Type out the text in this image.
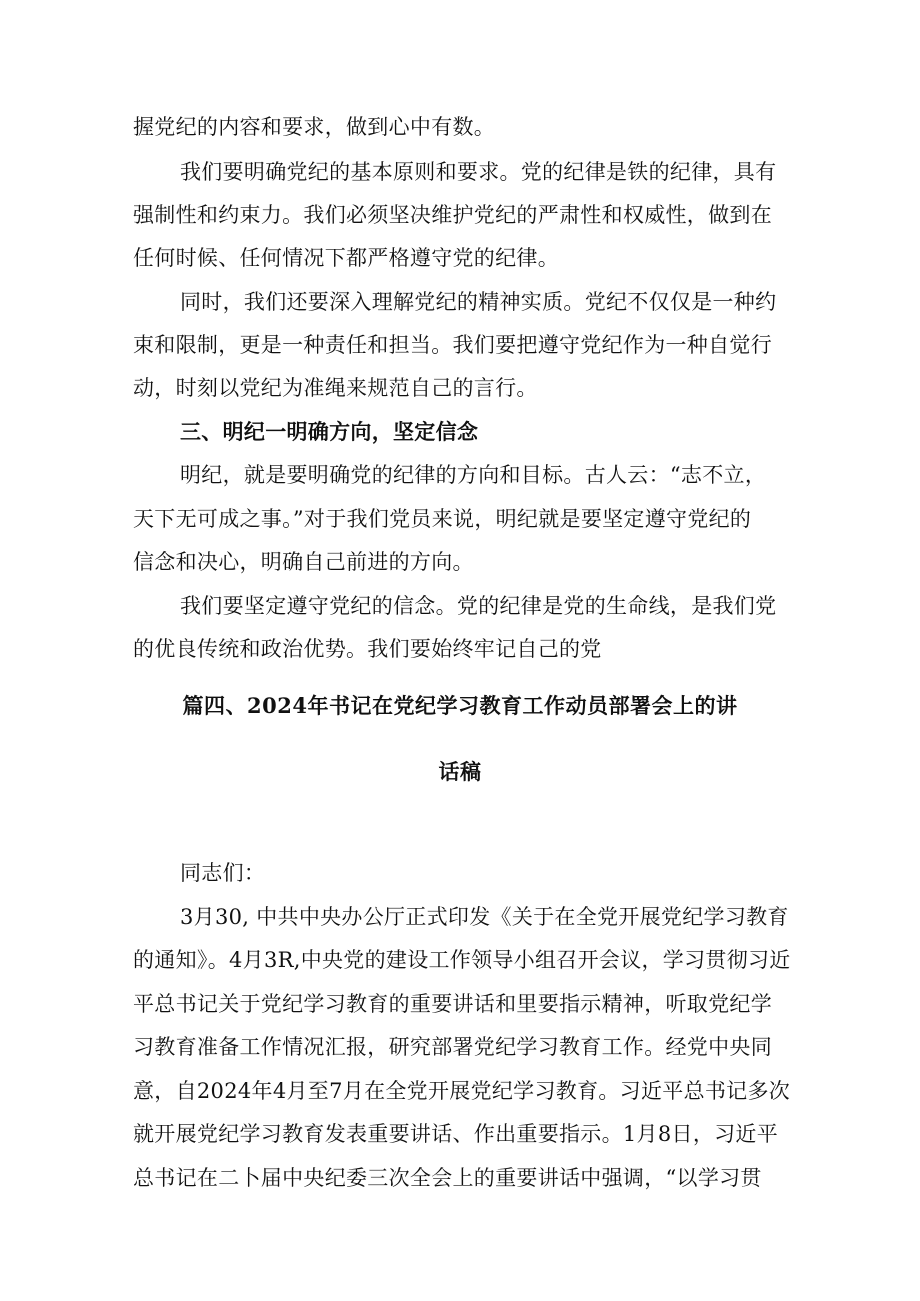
握党纪的内容和要求，做到心中有数。
我们要明确党纪的基本原则和要求。党的纪律是铁的纪律，具有
强制性和约束力。我们必须坚决维护党纪的严肃性和权威性，做到在
任何时候、任何情况下都严格遵守党的纪律。
同时，我们还要深入理解党纪的精神实质。党纪不仅仅是一种约
束和限制，更是一种责任和担当。我们要把遵守党纪作为一种自觉行
动，时刻以党纪为准绳来规范自己的言行。
三、明纪一明确方向，坚定信念
明纪，就是要明确党的纪律的方向和目标。古人云：“志不立，
天下无可成之事。”对于我们党员来说，明纪就是要坚定遵守党纪的
信念和决心，明确自己前进的方向。
我们要坚定遵守党纪的信念。党的纪律是党的生命线，是我们党
的优良传统和政治优势。我们要始终牢记自己的党
篇四、2024年书记在党纪学习教育工作动员部署会上的讲
话稿
同志们：
3月30, 中共中央办公厅正式印发《关于在全党开展党纪学习教育
的通知》。4月3R,中央党的建设工作领导小组召开会议，学习贯彻习近
平总书记关于党纪学习教育的重要讲话和里要指示精神，听取党纪学
习教育准备工作情况汇报，研究部署党纪学习教育工作。经党中央同
意，自2024年4月至7月在全党开展党纪学习教育。习近平总书记多次
就开展党纪学习教育发表重要讲话、作出重要指示。1月8日，习近平
总书记在二卜届中央纪委三次全会上的重要讲话中强调，“以学习贯
